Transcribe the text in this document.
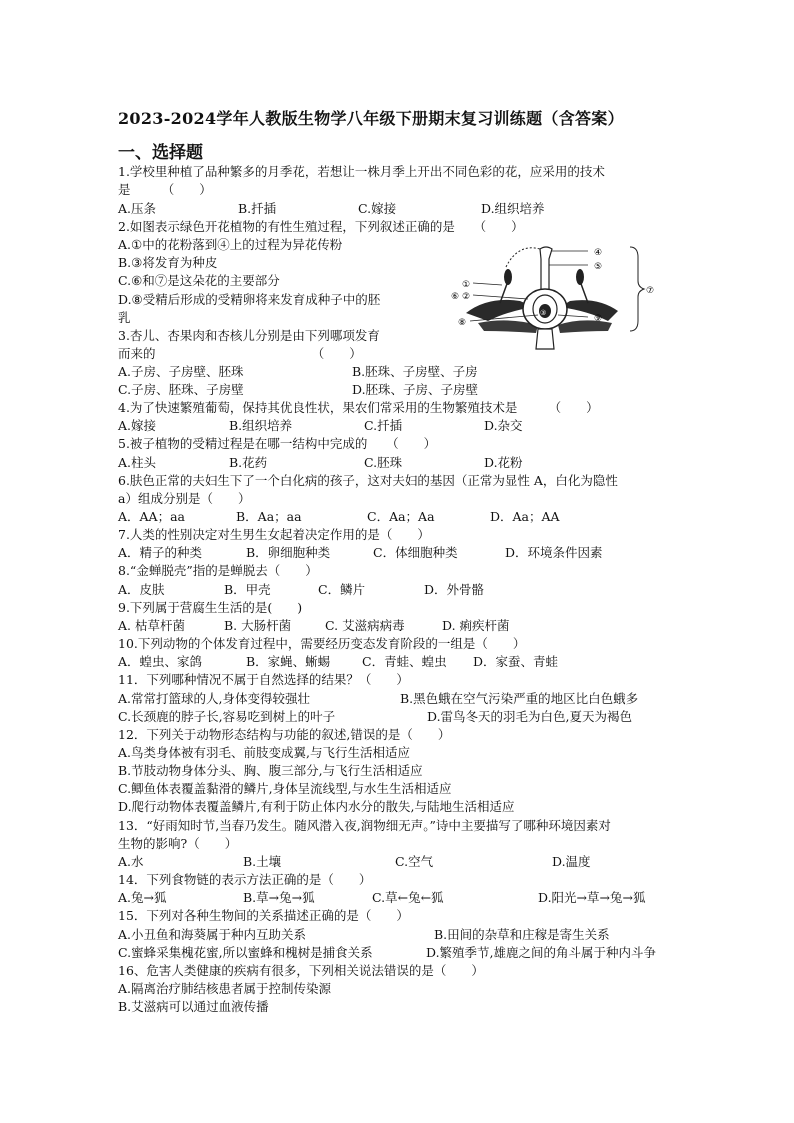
2023-2024学年人教版生物学八年级下册期末复习训练题（含答案）
一、选择题
1.学校里种植了品种繁多的月季花，若想让一株月季上开出不同色彩的花，应采用的技术
是　　　（　　）
A.压条	B.扦插	C.嫁接	D.组织培养
2.如图表示绿色开花植物的有性生殖过程，下列叙述正确的是　　（　　）
A.①中的花粉落到④上的过程为异花传粉
B.③将发育为种皮
C.⑥和⑦是这朵花的主要部分
D.⑧受精后形成的受精卵将来发育成种子中的胚
乳
④
⑤
⑨
⑦
①
⑥ ②
⑧
③
3.杏儿、杏果肉和杏核儿分别是由下列哪项发育
而来的　　　　　　　　　　　　　（　　）
A.子房、子房壁、胚珠	B.胚珠、子房壁、子房
C.子房、胚珠、子房壁	D.胚珠、子房、子房壁
4.为了快速繁殖葡萄，保持其优良性状，果农们常采用的生物繁殖技术是　　　（　　）
A.嫁接	B.组织培养	C.扦插	D.杂交
5.被子植物的受精过程是在哪一结构中完成的　　（　　）
A.柱头	B.花药	C.胚珠	D.花粉
6.肤色正常的夫妇生下了一个白化病的孩子，这对夫妇的基因（正常为显性 A，白化为隐性
a）组成分别是（　　）
A．AA；aa	B．Aa；aa	C．Aa；Aa	D．Aa；AA
7.人类的性别决定对生男生女起着决定作用的是（　　）
A．精子的种类	B．卵细胞种类	C．体细胞种类	D．环境条件因素
8.“金蝉脱壳”指的是蝉脱去（　　）
A．皮肤	B．甲壳	C．鳞片	D．外骨骼
9.下列属于营腐生生活的是(　　)
A. 枯草杆菌	B. 大肠杆菌	C. 艾滋病病毒	D. 痢疾杆菌
10.下列动物的个体发育过程中，需要经历变态发育阶段的一组是（　　）
A．蝗虫、家鸽	B．家蝇、蜥蜴	C．青蛙、蝗虫 D．家蚕、青蛙
11．下列哪种情况不属于自然选择的结果？（　　）
A.常常打篮球的人,身体变得较强壮	B.黑色蛾在空气污染严重的地区比白色蛾多
C.长颈鹿的脖子长,容易吃到树上的叶子	D.雷鸟冬天的羽毛为白色,夏天为褐色
12．下列关于动物形态结构与功能的叙述,错误的是（　　）
A.鸟类身体被有羽毛、前肢变成翼,与飞行生活相适应
B.节肢动物身体分头、胸、腹三部分,与飞行生活相适应
C.鲫鱼体表覆盖黏滑的鳞片,身体呈流线型,与水生生活相适应
D.爬行动物体表覆盖鳞片,有利于防止体内水分的散失,与陆地生活相适应
13．“好雨知时节,当春乃发生。随风潜入夜,润物细无声。”诗中主要描写了哪种环境因素对
生物的影响?（　　）
A.水	B.土壤	C.空气	D.温度
14．下列食物链的表示方法正确的是（　　）
A.兔→狐	B.草→兔→狐	C.草←兔←狐	D.阳光→草→兔→狐
15．下列对各种生物间的关系描述正确的是（　　）
A.小丑鱼和海葵属于种内互助关系	B.田间的杂草和庄稼是寄生关系
C.蜜蜂采集槐花蜜,所以蜜蜂和槐树是捕食关系	D.繁殖季节,雄鹿之间的角斗属于种内斗争
16、危害人类健康的疾病有很多，下列相关说法错误的是（　　）
A.隔离治疗肺结核患者属于控制传染源
B.艾滋病可以通过血液传播
